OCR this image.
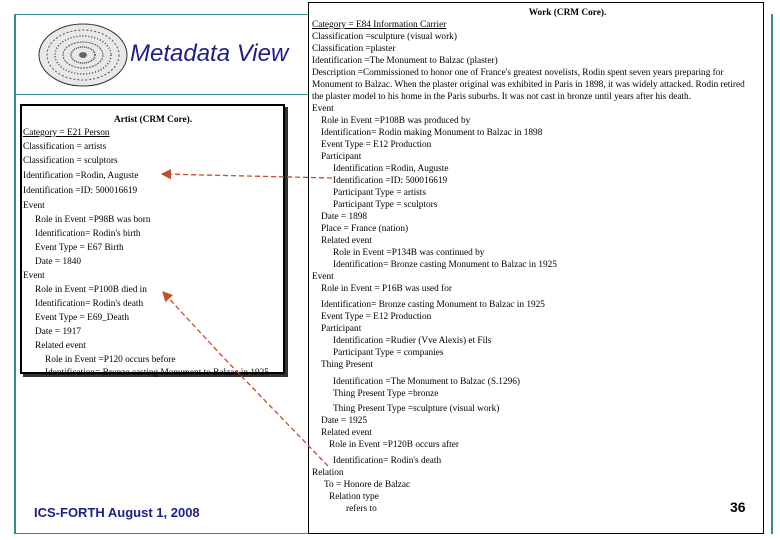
Metadata View
Artist (CRM Core).
Category = E21 Person
Classification = artists
Classification = sculptors
Identification =Rodin, Auguste
Identification =ID: 500016619
Event
Role in Event =P98B was born
Identification= Rodin's birth
Event Type = E67 Birth
Date = 1840
Event
Role in Event =P100B died in
Identification= Rodin's death
Event Type = E69_Death
Date = 1917
Related event
Role in Event =P120 occurs before
Identification= Bronze casting Monument to Balzac in 1925
Work (CRM Core).
Category = E84 Information Carrier
Classification =sculpture (visual work)
Classification =plaster
Identification =The Monument to Balzac (plaster)
Description =Commissioned to honor one of France's greatest novelists, Rodin spent seven years preparing for Monument to Balzac. When the plaster original was exhibited in Paris in 1898, it was widely attacked. Rodin retired the plaster model to his home in the Paris suburbs. It was not cast in bronze until years after his death.
Event
Role in Event =P108B was produced by
Identification= Rodin making Monument to Balzac in 1898
Event Type = E12 Production
Participant
Identification =Rodin, Auguste
Identification =ID: 500016619
Participant Type = artists
Participant Type = sculptors
Date = 1898
Place = France (nation)
Related event
Role in Event =P134B was continued by
Identification= Bronze casting Monument to Balzac in 1925
Event
Role in Event = P16B was used for
Identification= Bronze casting Monument to Balzac in 1925
Event Type = E12 Production
Participant
Identification =Rudier (Vve Alexis) et Fils
Participant Type = companies
Thing Present
Identification =The Monument to Balzac (S.1296)
Thing Present Type =bronze
Thing Present Type =sculpture (visual work)
Date = 1925
Related event
Role in Event =P120B occurs after
Identification= Rodin's death
Relation
To = Honore de Balzac
Relation type
refers to
ICS-FORTH August 1, 2008	36
